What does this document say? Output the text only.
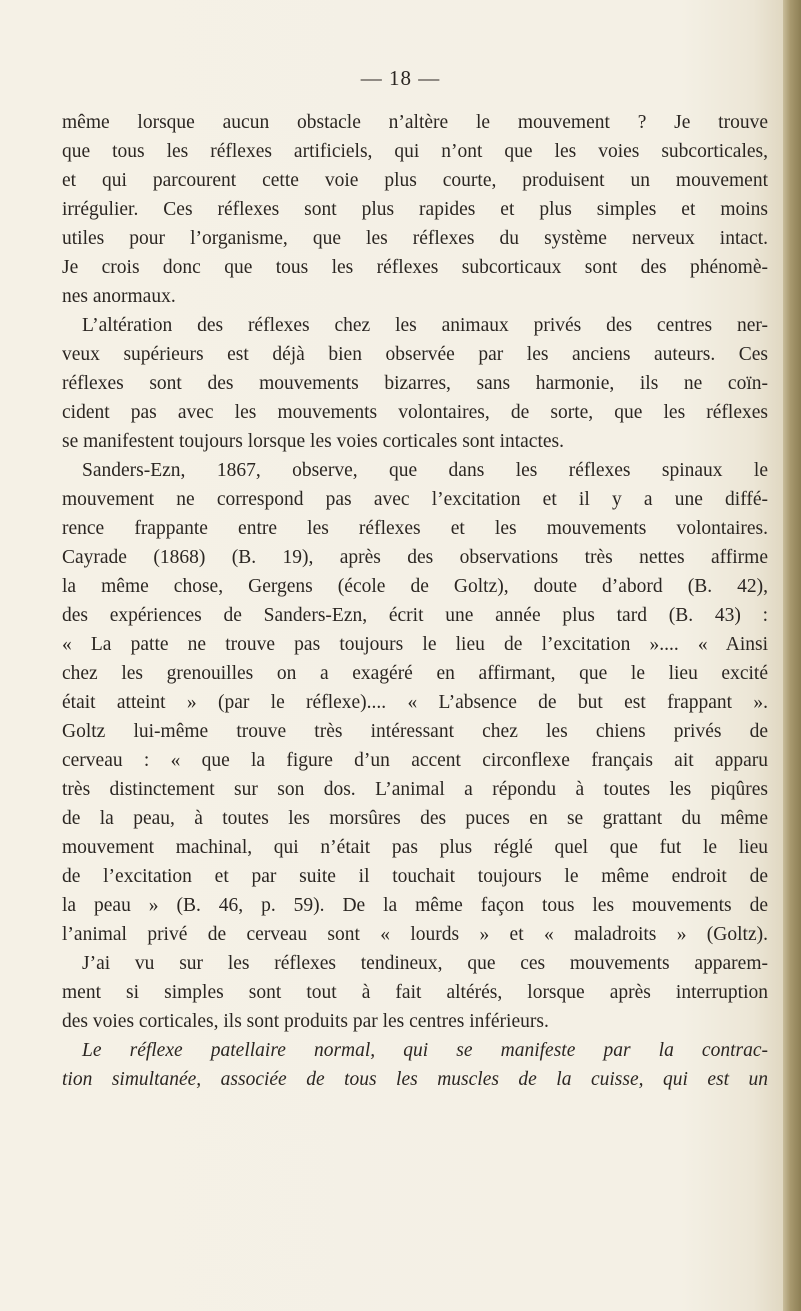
— 18 —
même lorsque aucun obstacle n’altère le mouvement ? Je trouve
que tous les réflexes artificiels, qui n’ont que les voies subcorticales,
et qui parcourent cette voie plus courte, produisent un mouvement
irrégulier. Ces réflexes sont plus rapides et plus simples et moins
utiles pour l’organisme, que les réflexes du système nerveux intact.
Je crois donc que tous les réflexes subcorticaux sont des phénomè-
nes anormaux.
L’altération des réflexes chez les animaux privés des centres ner-
veux supérieurs est déjà bien observée par les anciens auteurs. Ces
réflexes sont des mouvements bizarres, sans harmonie, ils ne coïn-
cident pas avec les mouvements volontaires, de sorte, que les réflexes
se manifestent toujours lorsque les voies corticales sont intactes.
Sanders-Ezn, 1867, observe, que dans les réflexes spinaux le
mouvement ne correspond pas avec l’excitation et il y a une diffé-
rence frappante entre les réflexes et les mouvements volontaires.
Cayrade (1868) (B. 19), après des observations très nettes affirme
la même chose, Gergens (école de Goltz), doute d’abord (B. 42),
des expériences de Sanders-Ezn, écrit une année plus tard (B. 43) :
« La patte ne trouve pas toujours le lieu de l’excitation ».... « Ainsi
chez les grenouilles on a exagéré en affirmant, que le lieu excité
était atteint » (par le réflexe).... « L’absence de but est frappant ».
Goltz lui-même trouve très intéressant chez les chiens privés de
cerveau : « que la figure d’un accent circonflexe français ait apparu
très distinctement sur son dos. L’animal a répondu à toutes les piqûres
de la peau, à toutes les morsûres des puces en se grattant du même
mouvement machinal, qui n’était pas plus réglé quel que fut le lieu
de l’excitation et par suite il touchait toujours le même endroit de
la peau » (B. 46, p. 59). De la même façon tous les mouvements de
l’animal privé de cerveau sont « lourds » et « maladroits » (Goltz).
J’ai vu sur les réflexes tendineux, que ces mouvements apparem-
ment si simples sont tout à fait altérés, lorsque après interruption
des voies corticales, ils sont produits par les centres inférieurs.
Le réflexe patellaire normal, qui se manifeste par la contrac-
tion simultanée, associée de tous les muscles de la cuisse, qui est un
